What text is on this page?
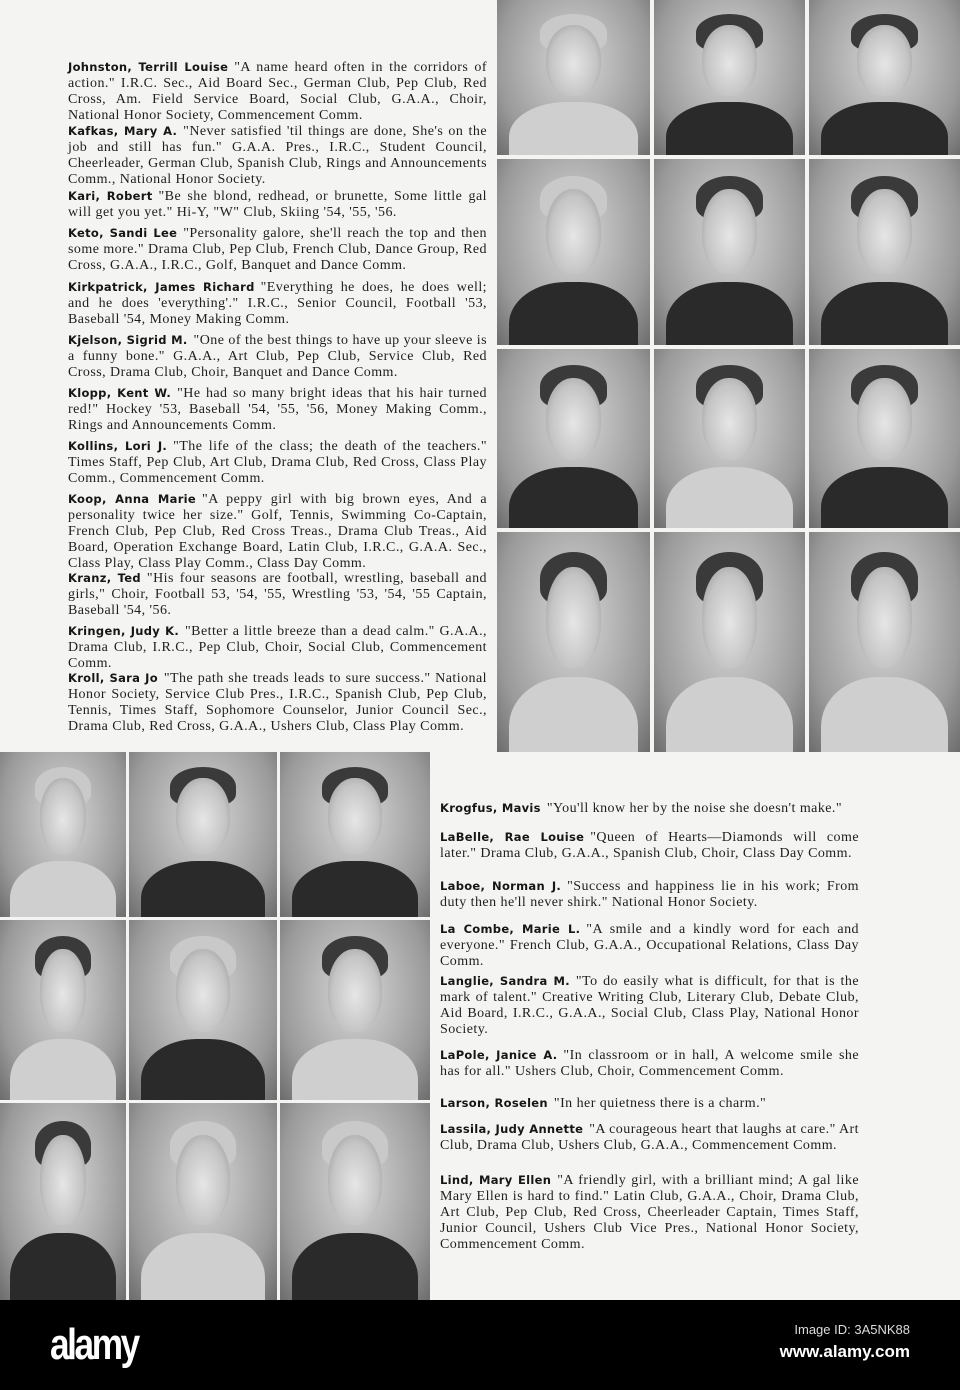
Johnston, Terrill Louise "A name heard often in the corridors of action." I.R.C. Sec., Aid Board Sec., German Club, Pep Club, Red Cross, Am. Field Service Board, Social Club, G.A.A., Choir, National Honor Society, Commencement Comm.
Kafkas, Mary A. "Never satisfied 'til things are done, She's on the job and still has fun." G.A.A. Pres., I.R.C., Student Council, Cheerleader, German Club, Spanish Club, Rings and Announcements Comm., National Honor Society.
Kari, Robert "Be she blond, redhead, or brunette, Some little gal will get you yet." Hi-Y, "W" Club, Skiing '54, '55, '56.
Keto, Sandi Lee "Personality galore, she'll reach the top and then some more." Drama Club, Pep Club, French Club, Dance Group, Red Cross, G.A.A., I.R.C., Golf, Banquet and Dance Comm.
Kirkpatrick, James Richard "Everything he does, he does well; and he does 'everything'." I.R.C., Senior Council, Football '53, Baseball '54, Money Making Comm.
Kjelson, Sigrid M. "One of the best things to have up your sleeve is a funny bone." G.A.A., Art Club, Pep Club, Service Club, Red Cross, Drama Club, Choir, Banquet and Dance Comm.
Klopp, Kent W. "He had so many bright ideas that his hair turned red!" Hockey '53, Baseball '54, '55, '56, Money Making Comm., Rings and Announcements Comm.
Kollins, Lori J. "The life of the class; the death of the teachers." Times Staff, Pep Club, Art Club, Drama Club, Red Cross, Class Play Comm., Commencement Comm.
Koop, Anna Marie "A peppy girl with big brown eyes, And a personality twice her size." Golf, Tennis, Swimming Co-Captain, French Club, Pep Club, Red Cross Treas., Drama Club Treas., Aid Board, Operation Exchange Board, Latin Club, I.R.C., G.A.A. Sec., Class Play, Class Play Comm., Class Day Comm.
Kranz, Ted "His four seasons are football, wrestling, baseball and girls," Choir, Football 53, '54, '55, Wrestling '53, '54, '55 Captain, Baseball '54, '56.
Kringen, Judy K. "Better a little breeze than a dead calm." G.A.A., Drama Club, I.R.C., Pep Club, Choir, Social Club, Commencement Comm.
Kroll, Sara Jo "The path she treads leads to sure success." National Honor Society, Service Club Pres., I.R.C., Spanish Club, Pep Club, Tennis, Times Staff, Sophomore Counselor, Junior Council Sec., Drama Club, Red Cross, G.A.A., Ushers Club, Class Play Comm.
Krogfus, Mavis "You'll know her by the noise she doesn't make."
LaBelle, Rae Louise "Queen of Hearts—Diamonds will come later." Drama Club, G.A.A., Spanish Club, Choir, Class Day Comm.
Laboe, Norman J. "Success and happiness lie in his work; From duty then he'll never shirk." National Honor Society.
La Combe, Marie L. "A smile and a kindly word for each and everyone." French Club, G.A.A., Occupational Relations, Class Day Comm.
Langlie, Sandra M. "To do easily what is difficult, for that is the mark of talent." Creative Writing Club, Literary Club, Debate Club, Aid Board, I.R.C., G.A.A., Social Club, Class Play, National Honor Society.
LaPole, Janice A. "In classroom or in hall, A welcome smile she has for all." Ushers Club, Choir, Commencement Comm.
Larson, Roselen "In her quietness there is a charm."
Lassila, Judy Annette "A courageous heart that laughs at care." Art Club, Drama Club, Ushers Club, G.A.A., Commencement Comm.
Lind, Mary Ellen "A friendly girl, with a brilliant mind; A gal like Mary Ellen is hard to find." Latin Club, G.A.A., Choir, Drama Club, Art Club, Pep Club, Red Cross, Cheerleader Captain, Times Staff, Junior Council, Ushers Club Vice Pres., National Honor Society, Commencement Comm.
alamy	Image ID: 3A5NK88
www.alamy.com
